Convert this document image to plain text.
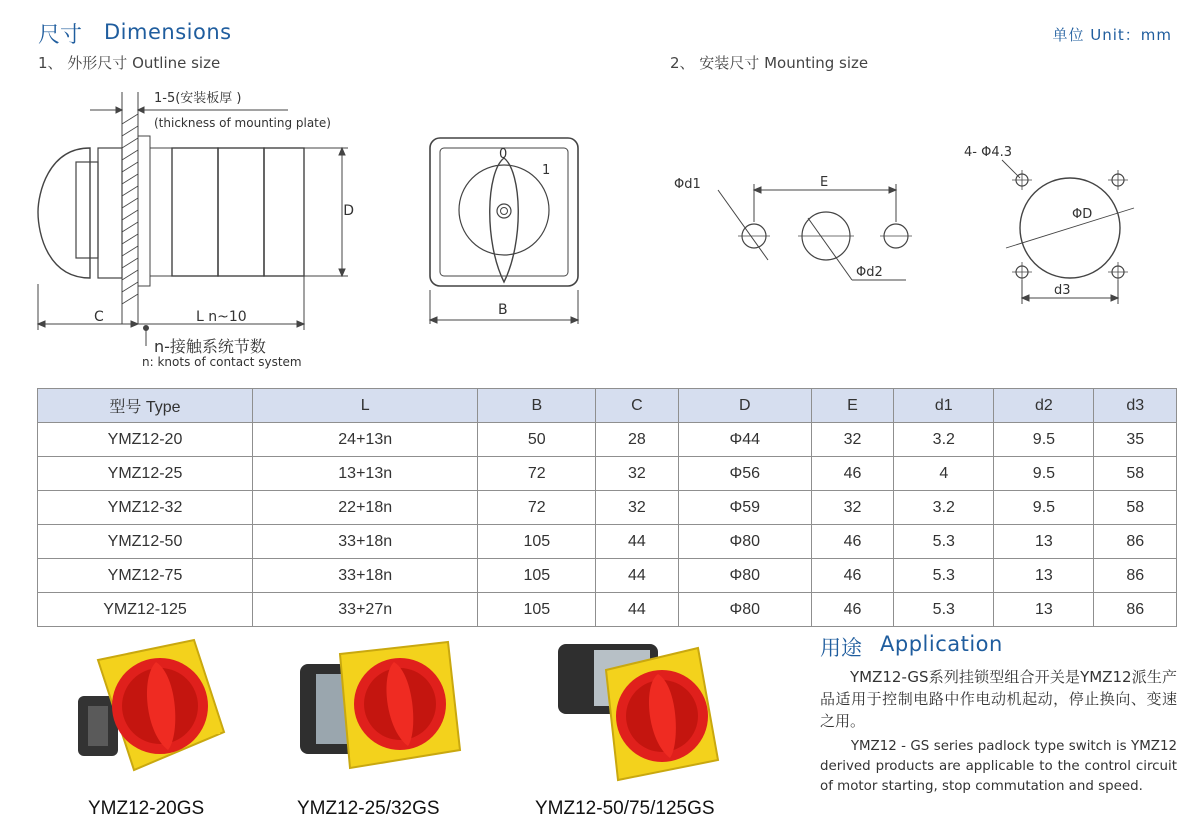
尺寸 Dimensions	单位 Unit：mm
1、 外形尺寸 Outline size	2、 安装尺寸 Mounting size
1-5(安装板厚 )
(thickness of mounting plate)
D
C	L n~10
n-接触系统节数
n: knots of contact system
0
1
B
Φd1	E
Φd2
4- Φ4.3
ΦD
d3
型号 Type	L	B	C	D	E	d1	d2	d3
YMZ12-20	24+13n	50	28	Φ44	32	3.2	9.5	35
YMZ12-25	13+13n	72	32	Φ56	46	4	9.5	58
YMZ12-32	22+18n	72	32	Φ59	32	3.2	9.5	58
YMZ12-50	33+18n	105	44	Φ80	46	5.3	13	86
YMZ12-75	33+18n	105	44	Φ80	46	5.3	13	86
YMZ12-125	33+27n	105	44	Φ80	46	5.3	13	86
YMZ12-20GS	YMZ12-25/32GS	YMZ12-50/75/125GS
用途 Application
YMZ12-GS系列挂锁型组合开关是YMZ12派生产品适用于控制电路中作电动机起动，停止换向、变速之用。
YMZ12 - GS series padlock type switch is YMZ12 derived products are applicable to the control circuit of motor starting, stop commutation and speed.
